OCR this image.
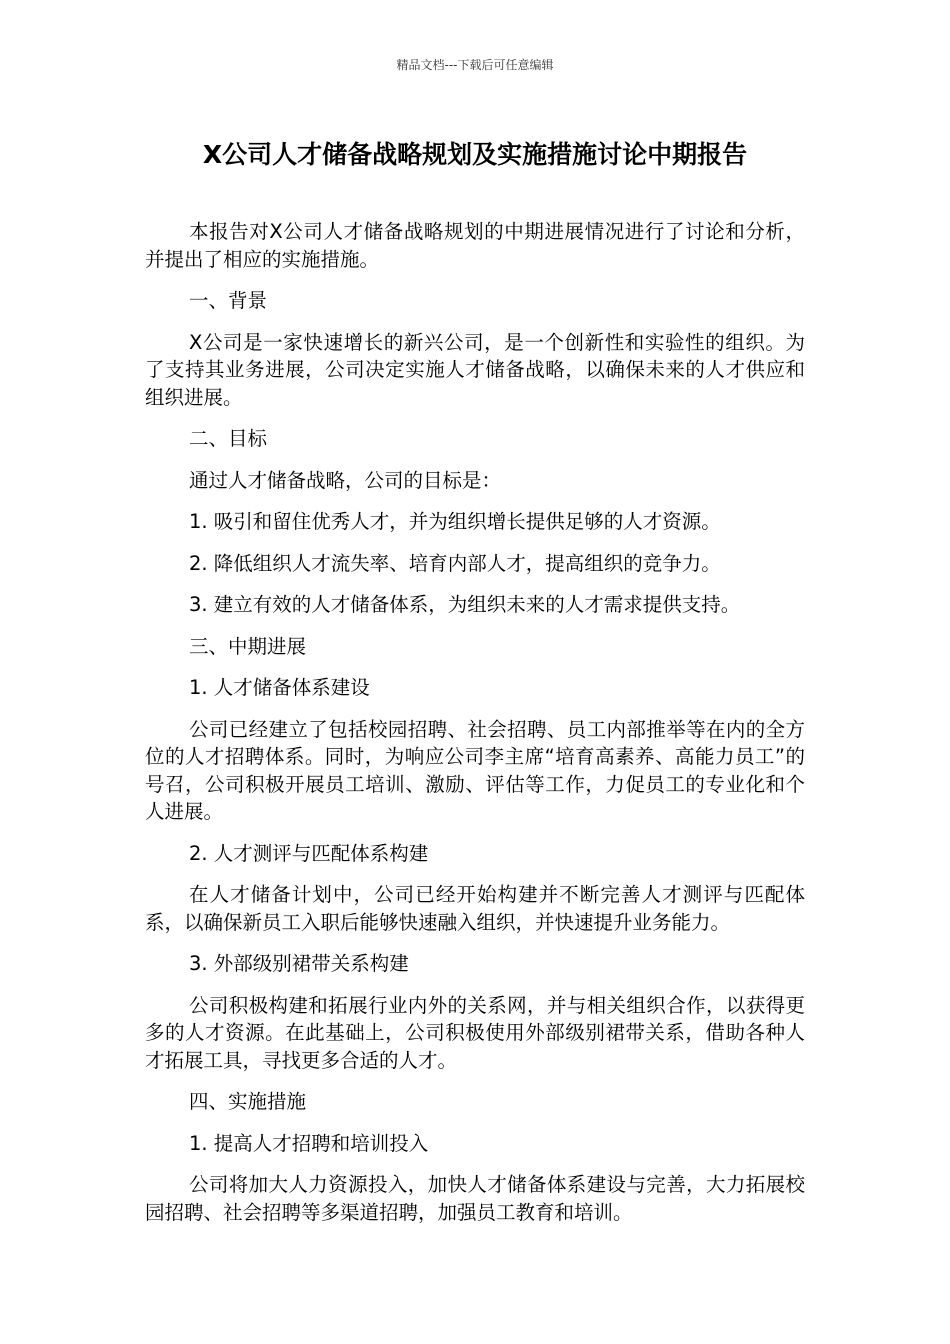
精品文档---下载后可任意编辑
X公司人才储备战略规划及实施措施讨论中期报告

本报告对X公司人才储备战略规划的中期进展情况进行了讨论和分析，并提出了相应的实施措施。

一、背景

X公司是一家快速增长的新兴公司，是一个创新性和实验性的组织。为了支持其业务进展，公司决定实施人才储备战略，以确保未来的人才供应和组织进展。

二、目标

通过人才储备战略，公司的目标是：

1. 吸引和留住优秀人才，并为组织增长提供足够的人才资源。

2. 降低组织人才流失率、培育内部人才，提高组织的竞争力。

3. 建立有效的人才储备体系，为组织未来的人才需求提供支持。

三、中期进展

1. 人才储备体系建设

公司已经建立了包括校园招聘、社会招聘、员工内部推举等在内的全方位的人才招聘体系。同时，为响应公司李主席“培育高素养、高能力员工”的号召，公司积极开展员工培训、激励、评估等工作，力促员工的专业化和个人进展。

2. 人才测评与匹配体系构建

在人才储备计划中，公司已经开始构建并不断完善人才测评与匹配体系，以确保新员工入职后能够快速融入组织，并快速提升业务能力。

3. 外部级别裙带关系构建

公司积极构建和拓展行业内外的关系网，并与相关组织合作，以获得更多的人才资源。在此基础上，公司积极使用外部级别裙带关系，借助各种人才拓展工具，寻找更多合适的人才。

四、实施措施

1. 提高人才招聘和培训投入

公司将加大人力资源投入，加快人才储备体系建设与完善，大力拓展校园招聘、社会招聘等多渠道招聘，加强员工教育和培训。
